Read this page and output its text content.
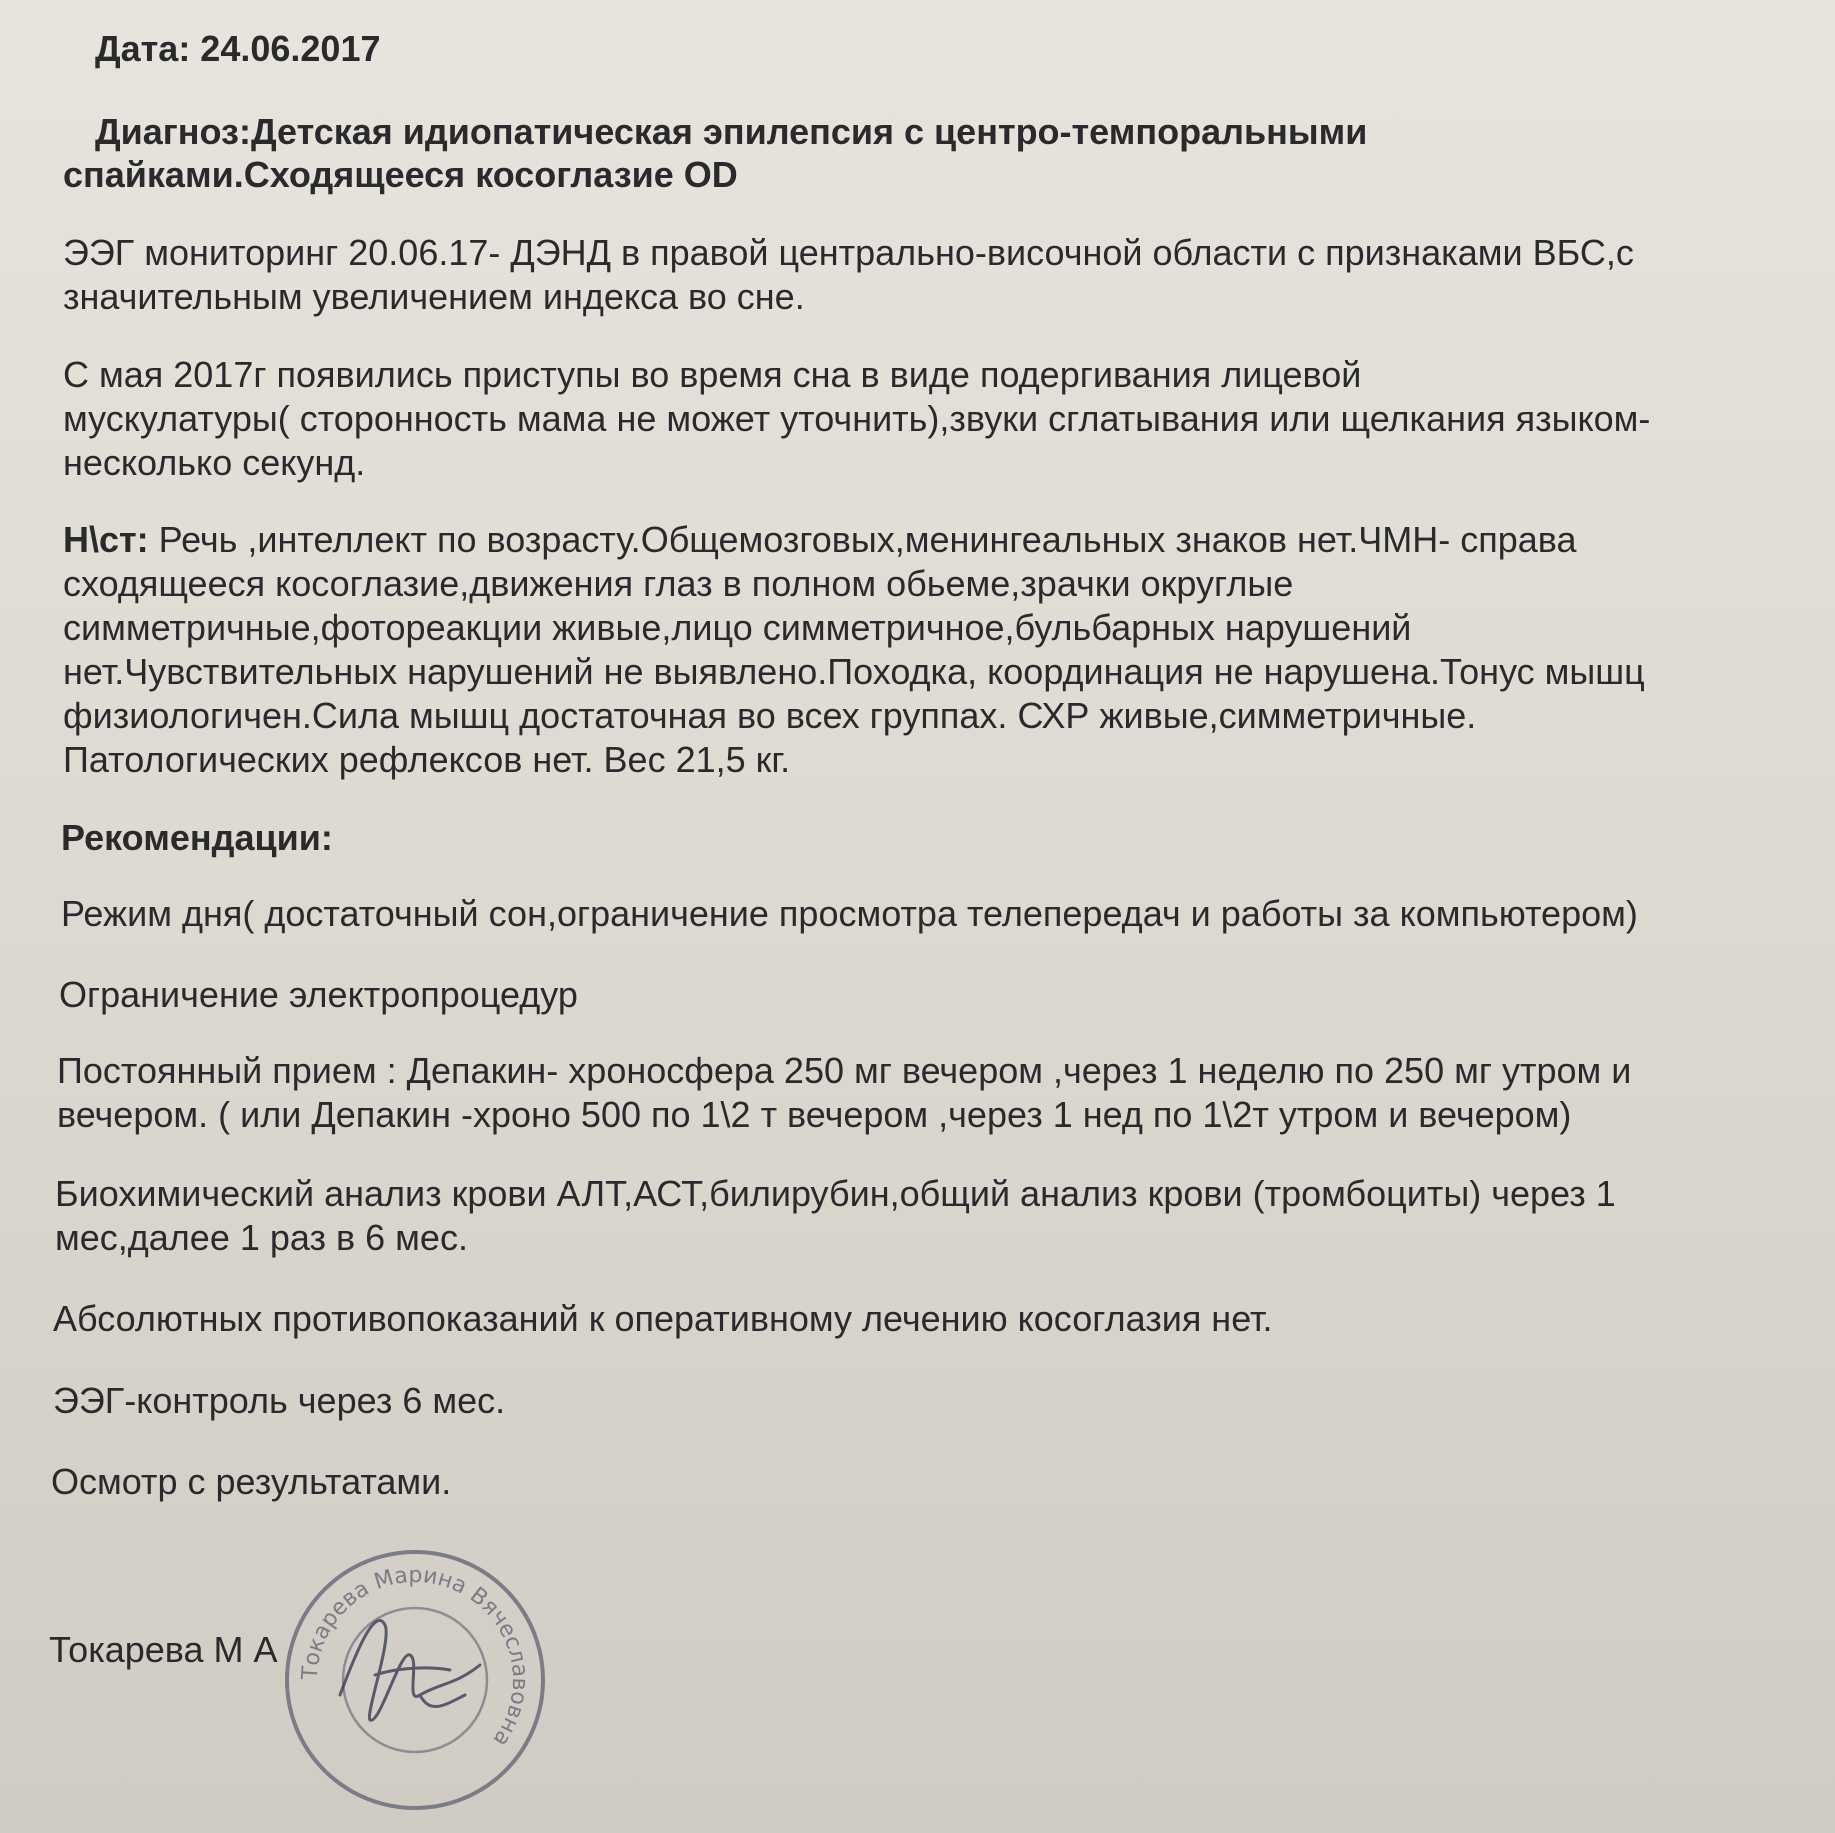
Дата: 24.06.2017

Диагноз:Детская идиопатическая эпилепсия с центро-темпоральными

спайками.Сходящееся косоглазие OD

ЭЭГ мониторинг 20.06.17- ДЭНД в правой центрально-височной области с признаками ВБС,с

значительным увеличением индекса во сне.

С мая 2017г появились приступы во время сна в виде подергивания лицевой

мускулатуры( сторонность мама не может уточнить),звуки сглатывания или щелкания языком-

несколько секунд.

Н\ст: Речь ,интеллект по возрасту.Общемозговых,менингеальных знаков нет.ЧМН- справа

сходящееся косоглазие,движения глаз в полном обьеме,зрачки округлые

симметричные,фотореакции живые,лицо симметричное,бульбарных нарушений

нет.Чувствительных нарушений не выявлено.Походка, координация не нарушена.Тонус мышц

физиологичен.Сила мышц достаточная во всех группах. СХР живые,симметричные.

Патологических рефлексов нет. Вес 21,5 кг.

Рекомендации:

Режим дня( достаточный сон,ограничение просмотра телепередач и работы за компьютером)

Ограничение электропроцедур

Постоянный прием : Депакин- хроносфера 250 мг вечером ,через 1 неделю по 250 мг утром и

вечером. ( или Депакин -хроно 500 по 1\2 т вечером ,через 1 нед по 1\2т утром и вечером)

Биохимический анализ крови АЛТ,АСТ,билирубин,общий анализ крови (тромбоциты) через 1

мес,далее 1 раз в 6 мес.

Абсолютных противопоказаний к оперативному лечению косоглазия нет.

ЭЭГ-контроль через 6 мес.

Осмотр с результатами.

Токарева М А

Токарева Марина Вячеславовна
